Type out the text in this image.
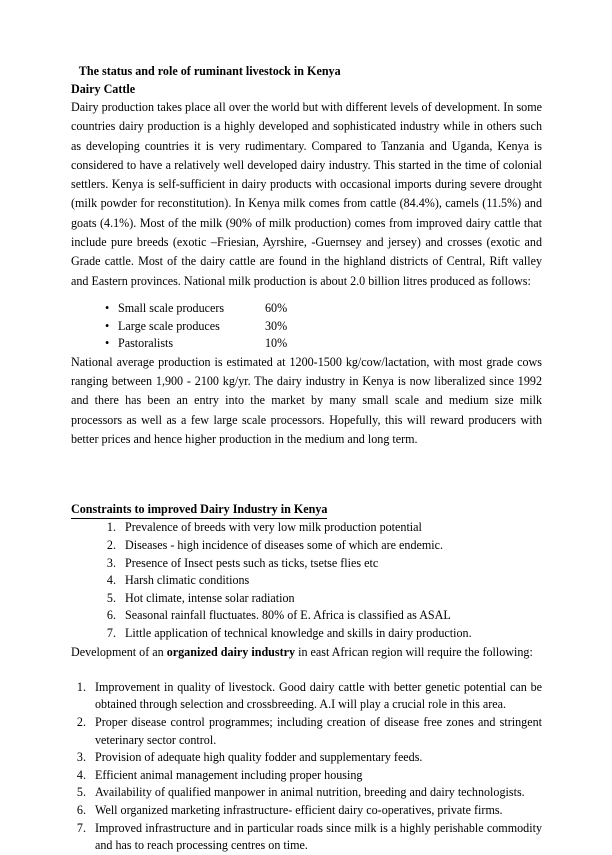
The status and role of ruminant livestock in Kenya
Dairy Cattle

Dairy production takes place all over the world but with different levels of development. In some countries dairy production is a highly developed and sophisticated industry while in others such as developing countries it is very rudimentary. Compared to Tanzania and Uganda, Kenya is considered to have a relatively well developed dairy industry. This started in the time of colonial settlers. Kenya is self-sufficient in dairy products with occasional imports during severe drought (milk powder for reconstitution). In Kenya milk comes from cattle (84.4%), camels (11.5%) and goats (4.1%). Most of the milk (90% of milk production) comes from improved dairy cattle that include pure breeds (exotic –Friesian, Ayrshire, -Guernsey and jersey) and crosses (exotic and Grade cattle. Most of the dairy cattle are found in the highland districts of Central, Rift valley and Eastern provinces. National milk production is about 2.0 billion litres produced as follows:

• Small scale producers	60%
• Large scale produces	30%
• Pastoralists	10%

National average production is estimated at 1200-1500 kg/cow/lactation, with most grade cows ranging between 1,900 - 2100 kg/yr. The dairy industry in Kenya is now liberalized since 1992 and there has been an entry into the market by many small scale and medium size milk processors as well as a few large scale processors. Hopefully, this will reward producers with better prices and hence higher production in the medium and long term.

Constraints to improved Dairy Industry in Kenya
1. Prevalence of breeds with very low milk production potential
2. Diseases - high incidence of diseases some of which are endemic.
3. Presence of Insect pests such as ticks, tsetse flies etc
4. Harsh climatic conditions
5. Hot climate, intense solar radiation
6. Seasonal rainfall fluctuates. 80% of E. Africa is classified as ASAL
7. Little application of technical knowledge and skills in dairy production.

Development of an organized dairy industry in east African region will require the following:

1. Improvement in quality of livestock. Good dairy cattle with better genetic potential can be obtained through selection and crossbreeding. A.I will play a crucial role in this area.
2. Proper disease control programmes; including creation of disease free zones and stringent veterinary sector control.
3. Provision of adequate high quality fodder and supplementary feeds.
4. Efficient animal management including proper housing
5. Availability of qualified manpower in animal nutrition, breeding and dairy technologists.
6. Well organized marketing infrastructure- efficient dairy co-operatives, private firms.
7. Improved infrastructure and in particular roads since milk is a highly perishable commodity and has to reach processing centres on time.
